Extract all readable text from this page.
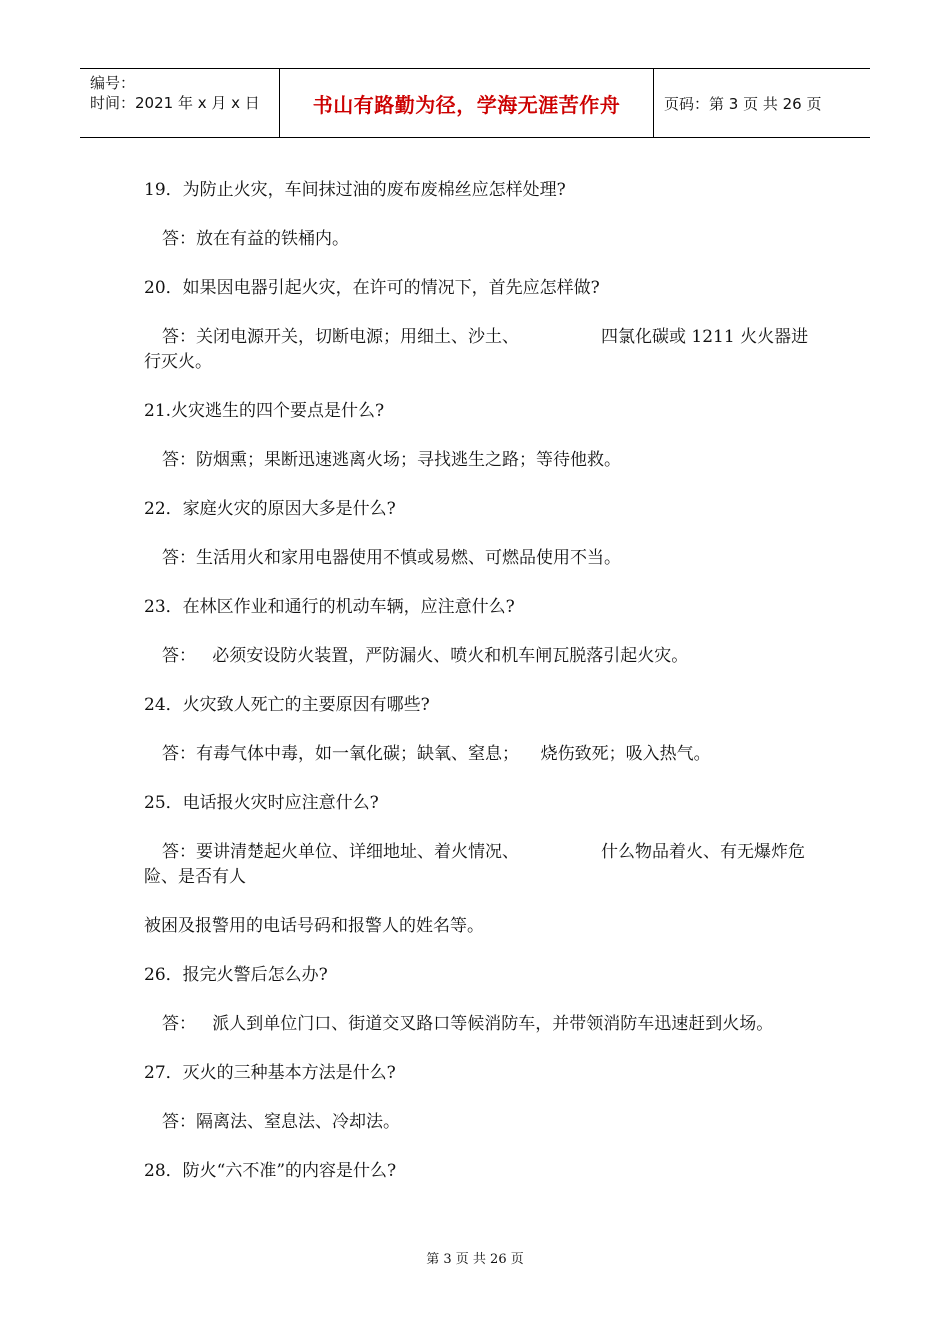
编号：
时间：2021 年 x 月 x 日	书山有路勤为径，学海无涯苦作舟	页码：第 3 页 共 26 页

19．为防止火灾，车间抹过油的废布废棉丝应怎样处理?

答：放在有益的铁桶内。

20．如果因电器引起火灾，在许可的情况下，首先应怎样做?

答：关闭电源开关，切断电源；用细土、沙土、	四氯化碳或 1211 火火器进行灭火。

21.火灾逃生的四个要点是什么?

答：防烟熏；果断迅速逃离火场；寻找逃生之路；等待他救。

22．家庭火灾的原因大多是什么?

答：生活用火和家用电器使用不慎或易燃、可燃品使用不当。

23．在林区作业和通行的机动车辆，应注意什么?

答：   必须安设防火装置，严防漏火、喷火和机车闸瓦脱落引起火灾。

24．火灾致人死亡的主要原因有哪些?

答：有毒气体中毒，如一氧化碳；缺氧、窒息；    烧伤致死；吸入热气。

25．电话报火灾时应注意什么?

答：要讲清楚起火单位、详细地址、着火情况、	什么物品着火、有无爆炸危险、是否有人

被困及报警用的电话号码和报警人的姓名等。

26．报完火警后怎么办?

答：   派人到单位门口、街道交叉路口等候消防车，并带领消防车迅速赶到火场。

27．灭火的三种基本方法是什么?

答：隔离法、窒息法、冷却法。

28．防火“六不准”的内容是什么?

第 3 页 共 26 页
